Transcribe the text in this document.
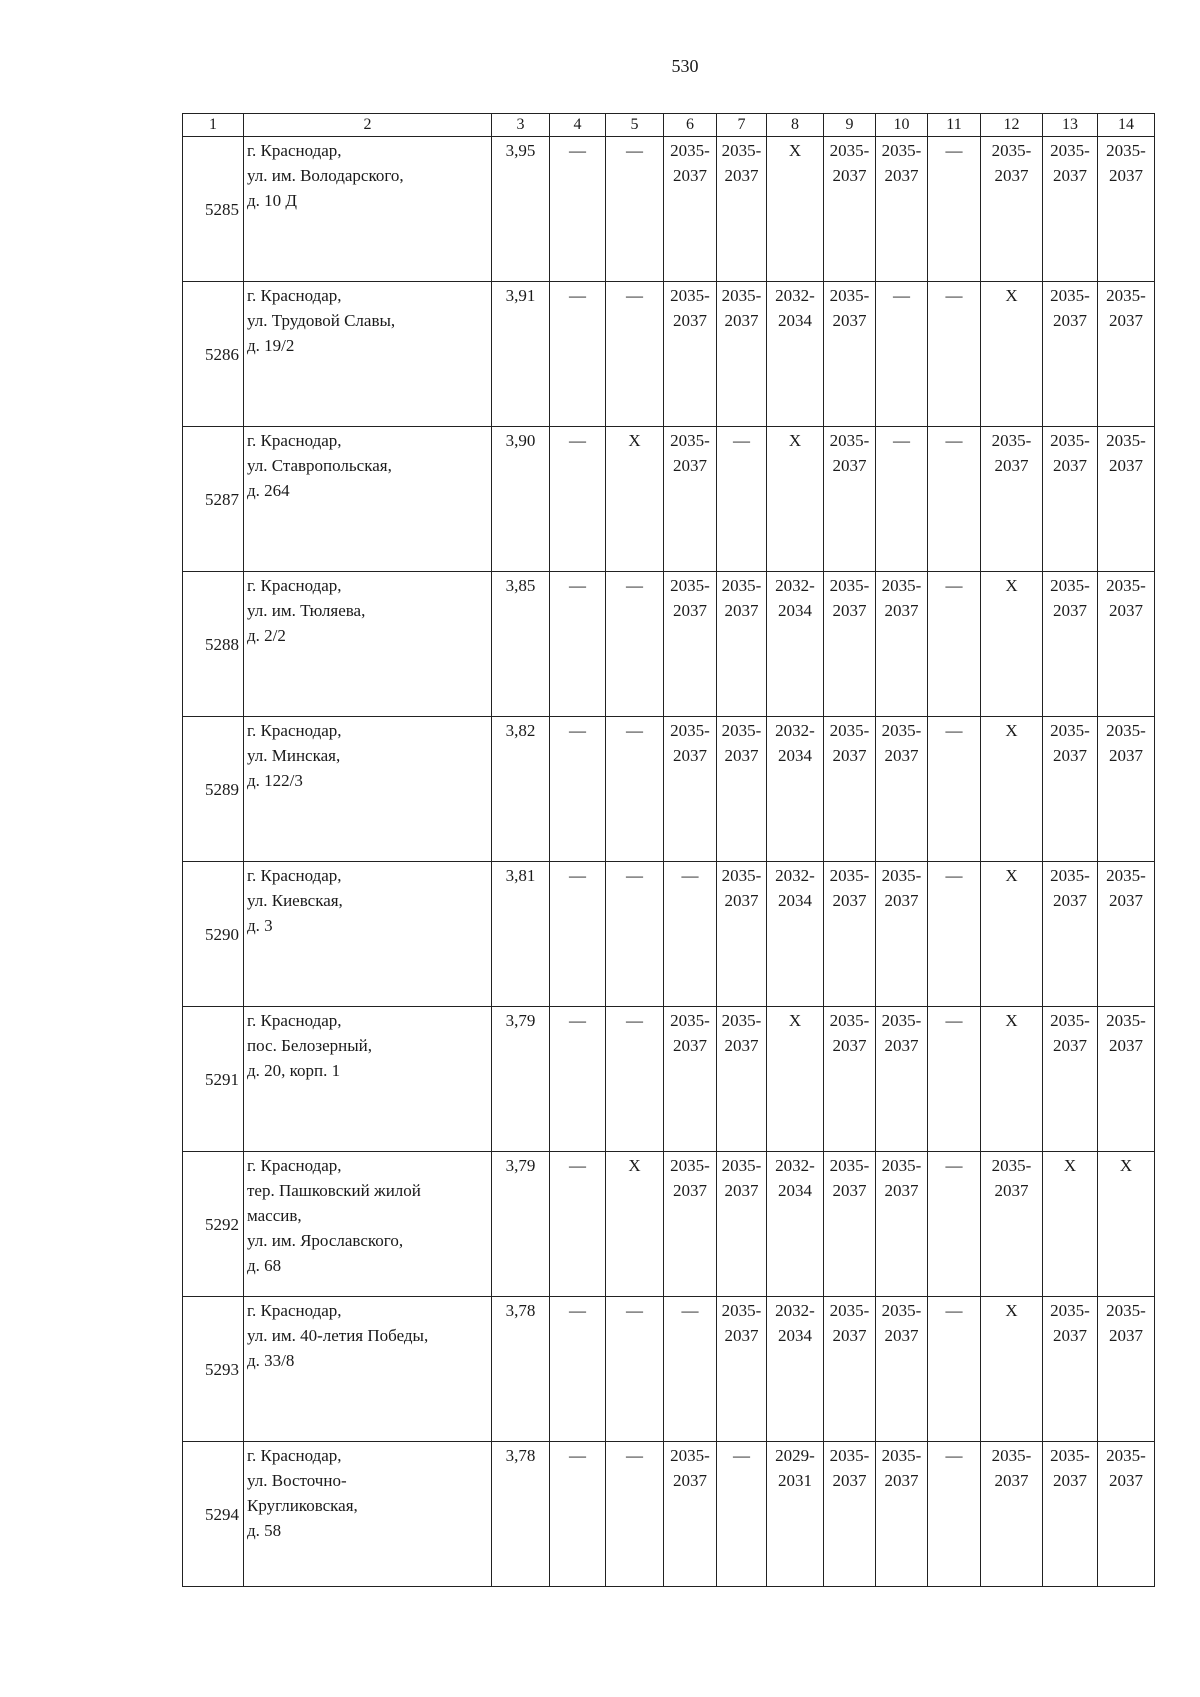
530
1	2	3	4	5	6	7	8	9	10	11	12	13	14
5285	г. Краснодар,
ул. им. Володарского,
д. 10 Д	3,95	—	—	2035-
2037	2035-
2037	X	2035-
2037	2035-
2037	—	2035-
2037	2035-
2037	2035-
2037

5286	г. Краснодар,
ул. Трудовой Славы,
д. 19/2	3,91	—	—	2035-
2037	2035-
2037	2032-
2034	2035-
2037	—	—	X	2035-
2037	2035-
2037

5287	г. Краснодар,
ул. Ставропольская,
д. 264	3,90	—	X	2035-
2037	—	X	2035-
2037	—	—	2035-
2037	2035-
2037	2035-
2037

5288	г. Краснодар,
ул. им. Тюляева,
д. 2/2	3,85	—	—	2035-
2037	2035-
2037	2032-
2034	2035-
2037	2035-
2037	—	X	2035-
2037	2035-
2037

5289	г. Краснодар,
ул. Минская,
д. 122/3	3,82	—	—	2035-
2037	2035-
2037	2032-
2034	2035-
2037	2035-
2037	—	X	2035-
2037	2035-
2037

5290	г. Краснодар,
ул. Киевская,
д. 3	3,81	—	—	—	2035-
2037	2032-
2034	2035-
2037	2035-
2037	—	X	2035-
2037	2035-
2037

5291	г. Краснодар,
пос. Белозерный,
д. 20, корп. 1	3,79	—	—	2035-
2037	2035-
2037	X	2035-
2037	2035-
2037	—	X	2035-
2037	2035-
2037

5292	г. Краснодар,
тер. Пашковский жилой
массив,
ул. им. Ярославского,
д. 68	3,79	—	X	2035-
2037	2035-
2037	2032-
2034	2035-
2037	2035-
2037	—	2035-
2037	X	X

5293	г. Краснодар,
ул. им. 40-летия Победы,
д. 33/8	3,78	—	—	—	2035-
2037	2032-
2034	2035-
2037	2035-
2037	—	X	2035-
2037	2035-
2037

5294	г. Краснодар,
ул. Восточно-
Кругликовская,
д. 58	3,78	—	—	2035-
2037	—	2029-
2031	2035-
2037	2035-
2037	—	2035-
2037	2035-
2037	2035-
2037
